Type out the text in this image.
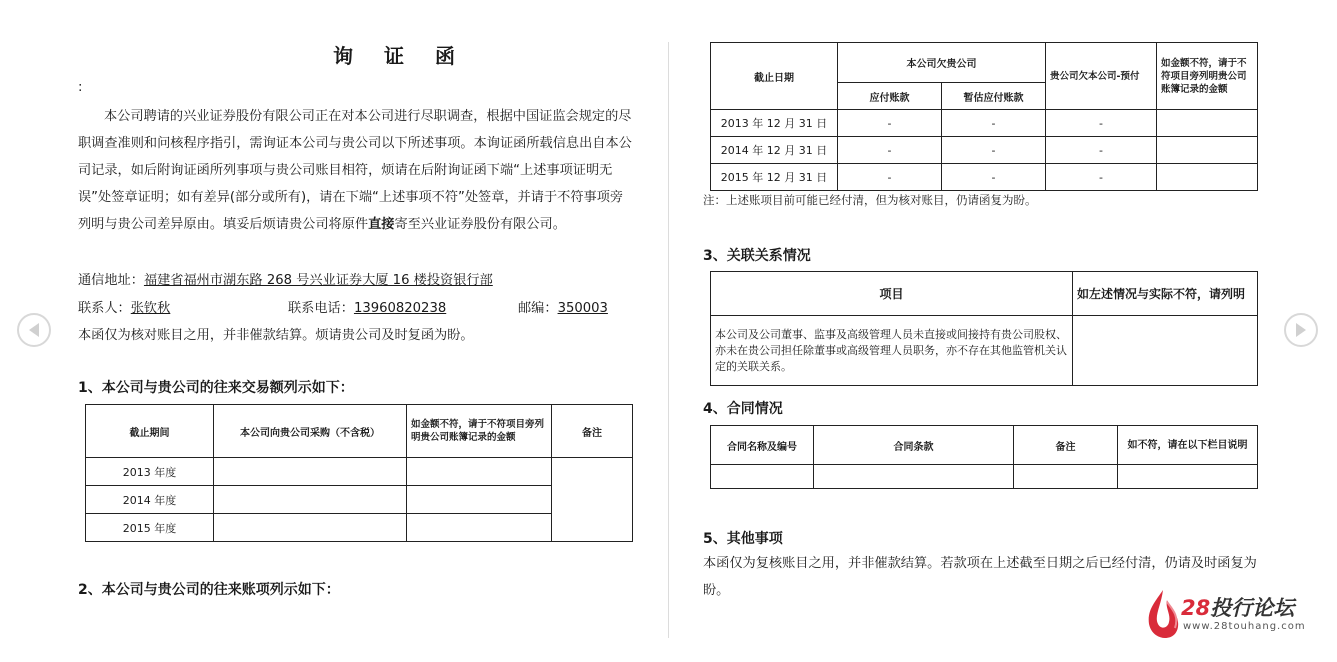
询 证 函
:
本公司聘请的兴业证券股份有限公司正在对本公司进行尽职调查，根据中国证监会规定的尽职调查准则和问核程序指引，需询证本公司与贵公司以下所述事项。本询证函所载信息出自本公司记录，如后附询证函所列事项与贵公司账目相符，烦请在后附询证函下端“上述事项证明无误”处签章证明；如有差异(部分或所有)，请在下端“上述事项不符”处签章，并请于不符事项旁列明与贵公司差异原由。填妥后烦请贵公司将原件直接寄至兴业证券股份有限公司。
通信地址：福建省福州市湖东路 268 号兴业证券大厦 16 楼投资银行部
联系人：张钦秋	联系电话：13960820238	邮编：350003
本函仅为核对账目之用，并非催款结算。烦请贵公司及时复函为盼。
1、本公司与贵公司的往来交易额列示如下：
截止期间	本公司向贵公司采购（不含税）	如金额不符，请于不符项目旁列明贵公司账簿记录的金额	备注
2013 年度			
2014 年度			
2015 年度			
2、本公司与贵公司的往来账项列示如下：
截止日期	本公司欠贵公司		贵公司欠本公司-预付	如金额不符，请于不符项目旁列明贵公司账簿记录的金额
	应付账款	暂估应付账款		
2013 年 12 月 31 日	-	-	-	
2014 年 12 月 31 日	-	-	-	
2015 年 12 月 31 日	-	-	-	
注：上述账项目前可能已经付清，但为核对账目，仍请函复为盼。
3、关联关系情况
项目	如左述情况与实际不符，请列明
本公司及公司董事、监事及高级管理人员未直接或间接持有贵公司股权、亦未在贵公司担任除董事或高级管理人员职务，亦不存在其他监管机关认定的关联关系。	
4、合同情况
合同名称及编号	合同条款	备注	如不符，请在以下栏目说明

5、其他事项
本函仅为复核账目之用，并非催款结算。若款项在上述截至日期之后已经付清，仍请及时函复为盼。
28投行论坛
www.28touhang.com
